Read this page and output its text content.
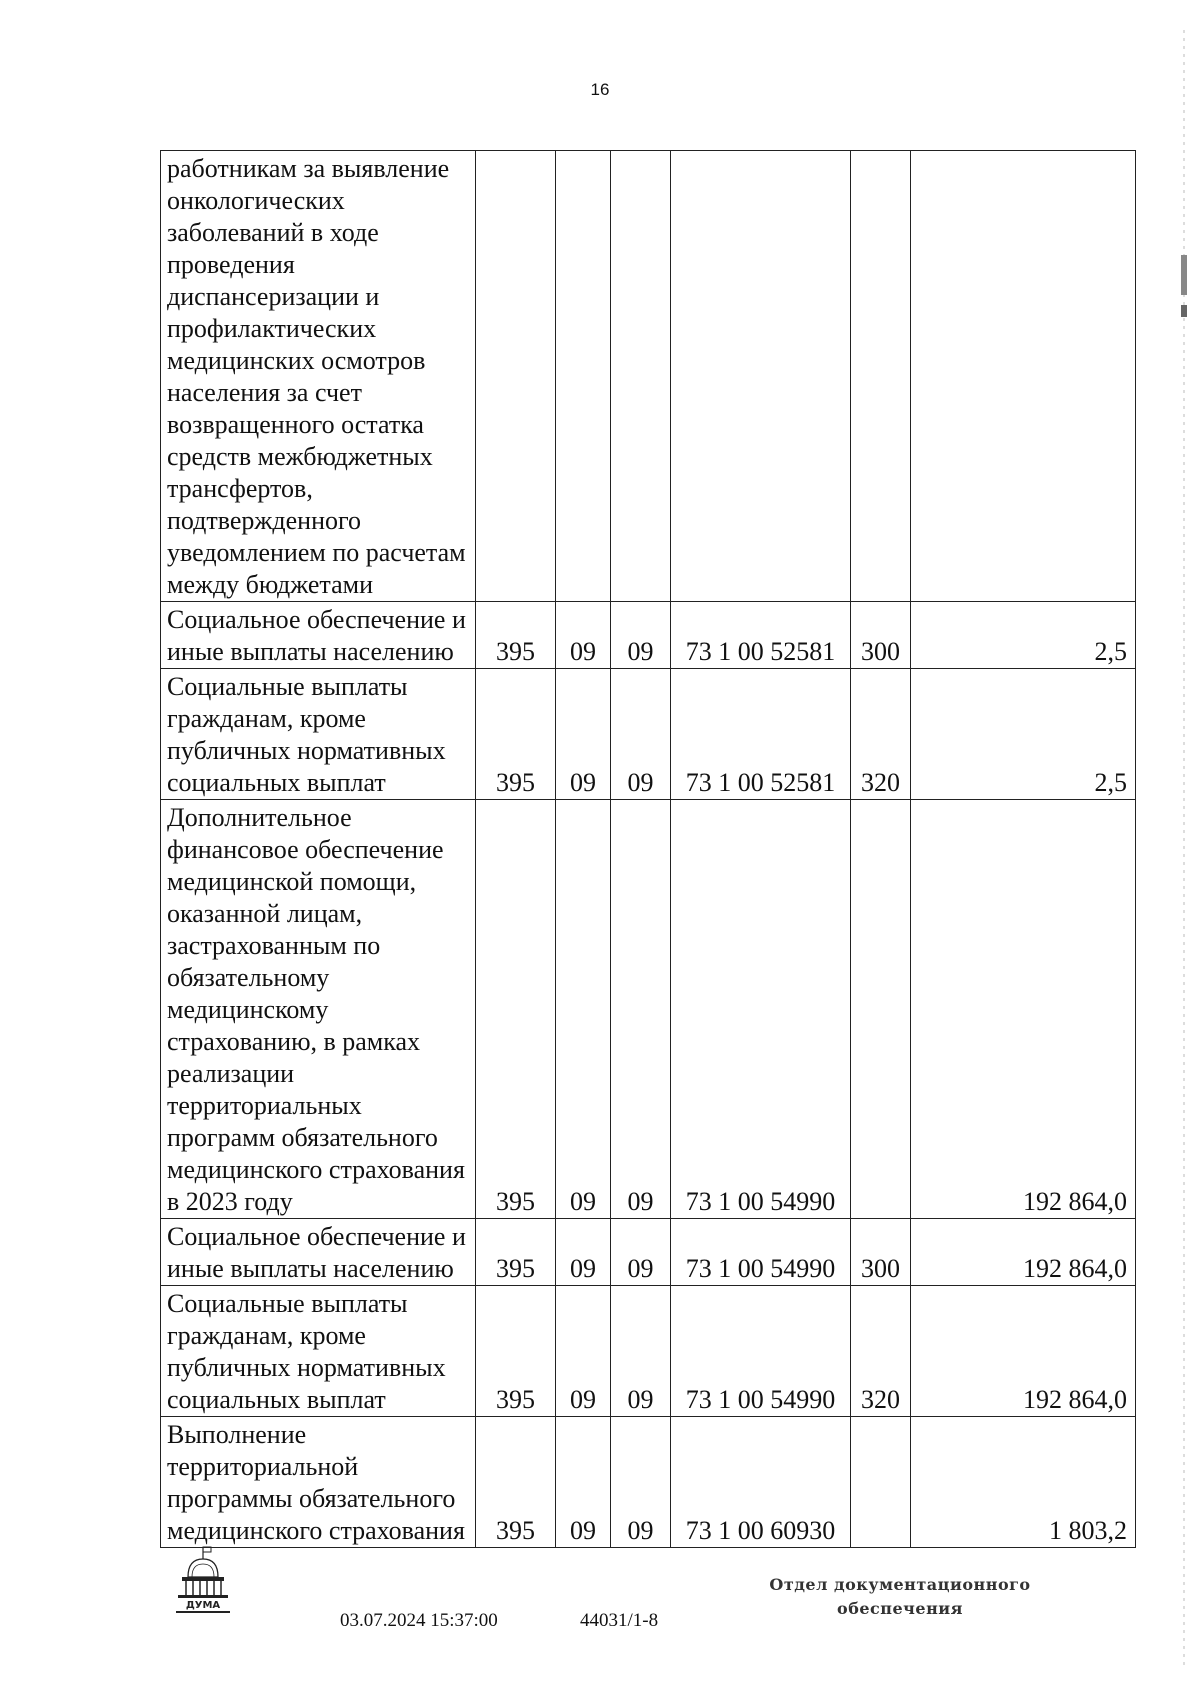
16
работникам за выявление онкологических заболеваний в ходе проведения диспансеризации и профилактических медицинских осмотров населения за счет возвращенного остатка средств межбюджетных трансфертов, подтвержденного уведомлением по расчетам между бюджетами						
Социальное обеспечение и иные выплаты населению	395	09	09	73 1 00 52581	300	2,5
Социальные выплаты гражданам, кроме публичных нормативных социальных выплат	395	09	09	73 1 00 52581	320	2,5
Дополнительное финансовое обеспечение медицинской помощи, оказанной лицам, застрахованным по обязательному медицинскому страхованию, в рамках реализации территориальных программ обязательного медицинского страхования в 2023 году	395	09	09	73 1 00 54990		192 864,0
Социальное обеспечение и иные выплаты населению	395	09	09	73 1 00 54990	300	192 864,0
Социальные выплаты гражданам, кроме публичных нормативных социальных выплат	395	09	09	73 1 00 54990	320	192 864,0
Выполнение территориальной программы обязательного медицинского страхования	395	09	09	73 1 00 60930		1 803,2
ДУМА
03.07.2024 15:37:00	44031/1-8
Отдел документационного
обеспечения
